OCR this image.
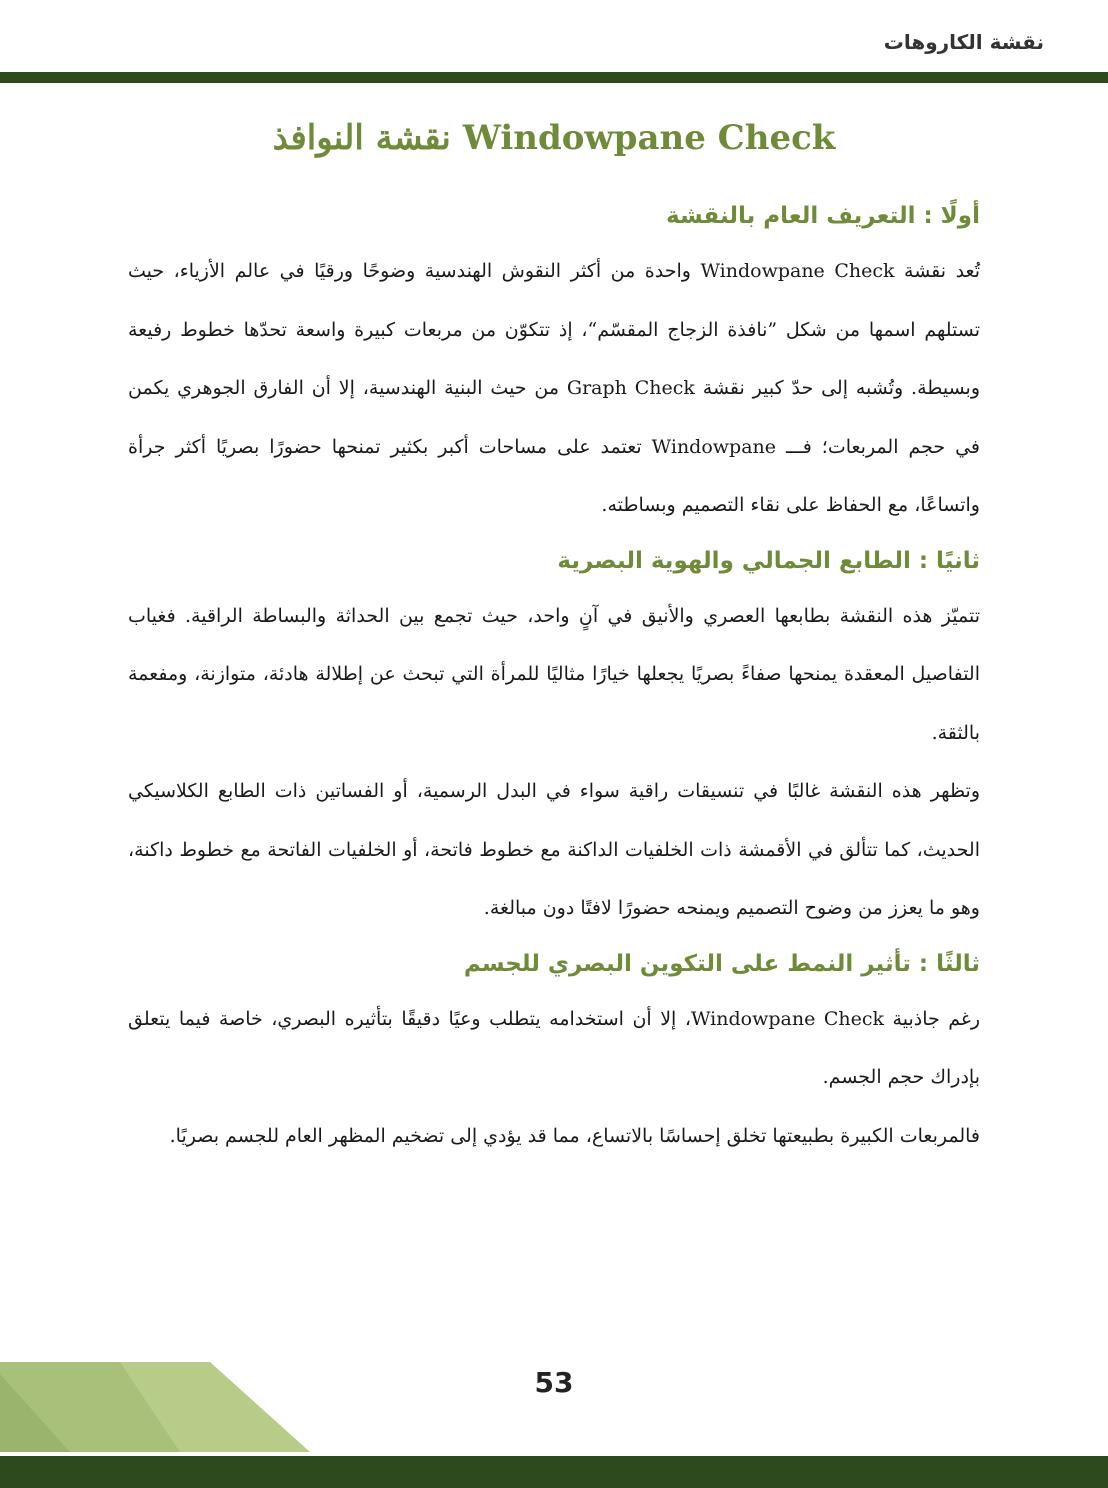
نقشة الكاروهات
نقشة النوافذ Windowpane Check
أولًا : التعريف العام بالنقشة

تُعد نقشة Windowpane Check واحدة من أكثر النقوش الهندسية وضوحًا ورقيًا في عالم الأزياء، حيث تستلهم اسمها من شكل ”نافذة الزجاج المقسّم“، إذ تتكوّن من مربعات كبيرة واسعة تحدّها خطوط رفيعة وبسيطة. وتُشبه إلى حدّ كبير نقشة Graph Check من حيث البنية الهندسية، إلا أن الفارق الجوهري يكمن في حجم المربعات؛ فـــ Windowpane تعتمد على مساحات أكبر بكثير تمنحها حضورًا بصريًا أكثر جرأة واتساعًا، مع الحفاظ على نقاء التصميم وبساطته.

ثانيًا : الطابع الجمالي والهوية البصرية

تتميّز هذه النقشة بطابعها العصري والأنيق في آنٍ واحد، حيث تجمع بين الحداثة والبساطة الراقية. فغياب التفاصيل المعقدة يمنحها صفاءً بصريًا يجعلها خيارًا مثاليًا للمرأة التي تبحث عن إطلالة هادئة، متوازنة، ومفعمة بالثقة.

وتظهر هذه النقشة غالبًا في تنسيقات راقية سواء في البدل الرسمية، أو الفساتين ذات الطابع الكلاسيكي الحديث، كما تتألق في الأقمشة ذات الخلفيات الداكنة مع خطوط فاتحة، أو الخلفيات الفاتحة مع خطوط داكنة، وهو ما يعزز من وضوح التصميم ويمنحه حضورًا لافتًا دون مبالغة.

ثالثًا : تأثير النمط على التكوين البصري للجسم

رغم جاذبية Windowpane Check، إلا أن استخدامه يتطلب وعيًا دقيقًا بتأثيره البصري، خاصة فيما يتعلق بإدراك حجم الجسم.

فالمربعات الكبيرة بطبيعتها تخلق إحساسًا بالاتساع، مما قد يؤدي إلى تضخيم المظهر العام للجسم بصريًا.

53
